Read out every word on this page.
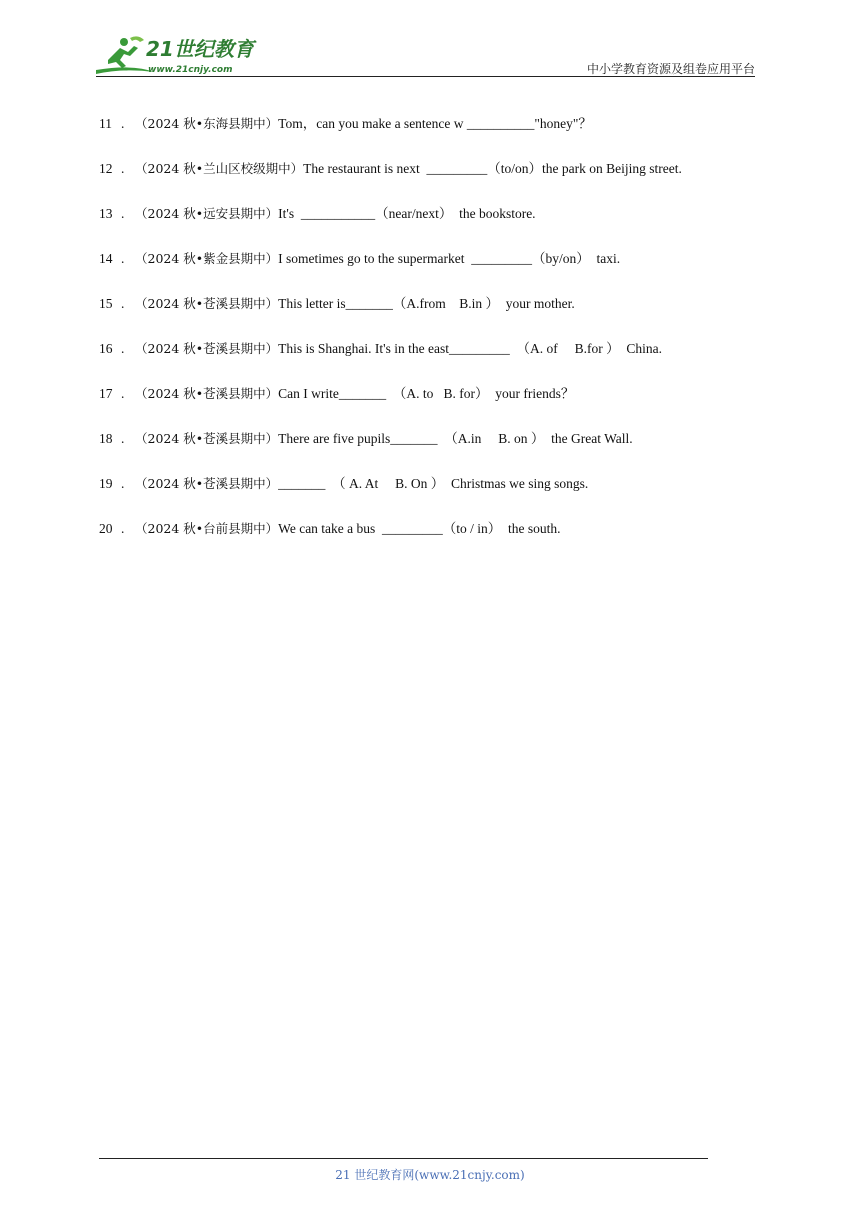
21世纪教育
www.21cnjy.com	中小学教育资源及组卷应用平台
11 . （2024 秋•东海县期中） Tom，can you make a sentence w __________"honey"？
12 . （2024 秋•兰山区校级期中） The restaurant is next  _________（to/on）the park on Beijing street.
13 . （2024 秋•远安县期中） It's  ___________（near/next）  the bookstore.
14 . （2024 秋•紫金县期中） I sometimes go to the supermarket  _________（by/on）  taxi.
15 . （2024 秋•苍溪县期中） This letter is_______（A.from    B.in ）  your mother.
16 . （2024 秋•苍溪县期中） This is Shanghai. It's in the east_________  （A. of     B.for ）  China.
17 . （2024 秋•苍溪县期中） Can I write_______  （A. to   B. for）  your friends？
18 . （2024 秋•苍溪县期中） There are five pupils_______  （A.in     B. on ）  the Great Wall.
19 . （2024 秋•苍溪县期中） _______  （ A. At     B. On ）  Christmas we sing songs.
20 . （2024 秋•台前县期中） We can take a bus  _________（to / in）  the south.
21 世纪教育网(www.21cnjy.com)
